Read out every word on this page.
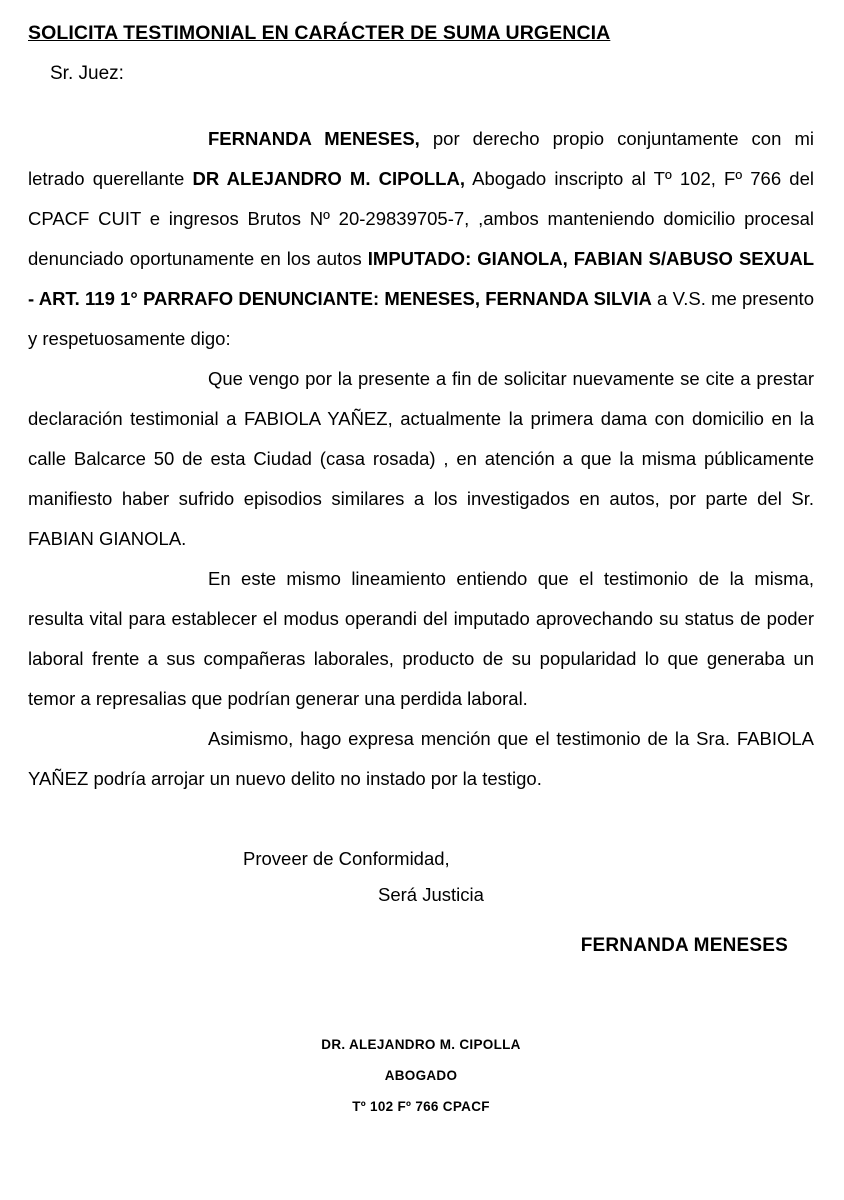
SOLICITA TESTIMONIAL EN CARÁCTER DE SUMA URGENCIA
Sr. Juez:

FERNANDA MENESES, por derecho propio conjuntamente con mi letrado querellante DR ALEJANDRO M. CIPOLLA, Abogado inscripto al Tº 102, Fº 766 del CPACF CUIT e ingresos Brutos Nº 20-29839705-7, ,ambos manteniendo domicilio procesal denunciado oportunamente en los autos IMPUTADO: GIANOLA, FABIAN S/ABUSO SEXUAL - ART. 119 1° PARRAFO DENUNCIANTE: MENESES, FERNANDA SILVIA a V.S. me presento y respetuosamente digo:

Que vengo por la presente a fin de solicitar nuevamente se cite a prestar declaración testimonial a FABIOLA YAÑEZ, actualmente la primera dama con domicilio en la calle Balcarce 50 de esta Ciudad (casa rosada) , en atención a que la misma públicamente manifiesto haber sufrido episodios similares a los investigados en autos, por parte del Sr. FABIAN GIANOLA.

En este mismo lineamiento entiendo que el testimonio de la misma, resulta vital para establecer el modus operandi del imputado aprovechando su status de poder laboral frente a sus compañeras laborales, producto de su popularidad lo que generaba un temor a represalias que podrían generar una perdida laboral.

Asimismo, hago expresa mención que el testimonio de la Sra. FABIOLA YAÑEZ podría arrojar un nuevo delito no instado por la testigo.

Proveer de Conformidad,
Será Justicia
FERNANDA MENESES
DR. ALEJANDRO M. CIPOLLA
ABOGADO
Tº 102 Fº 766 CPACF
